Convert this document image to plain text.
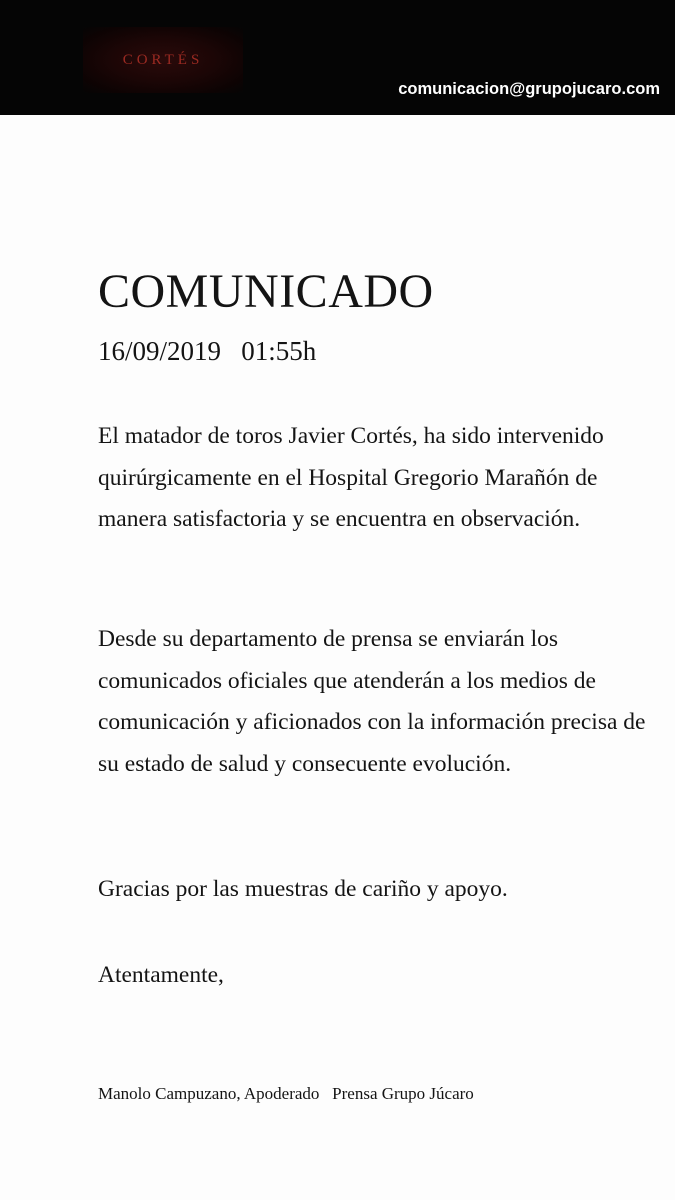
CORTÉS
comunicacion@grupojucaro.com
COMUNICADO
16/09/2019   01:55h

El matador de toros Javier Cortés, ha sido intervenido quirúrgicamente en el Hospital Gregorio Marañón de manera satisfactoria y se encuentra en observación.

Desde su departamento de prensa se enviarán los comunicados oficiales que atenderán a los medios de comunicación y aficionados con la información precisa de su estado de salud y consecuente evolución.

Gracias por las muestras de cariño y apoyo.

Atentamente,

Manolo Campuzano, Apoderado   Prensa Grupo Júcaro
